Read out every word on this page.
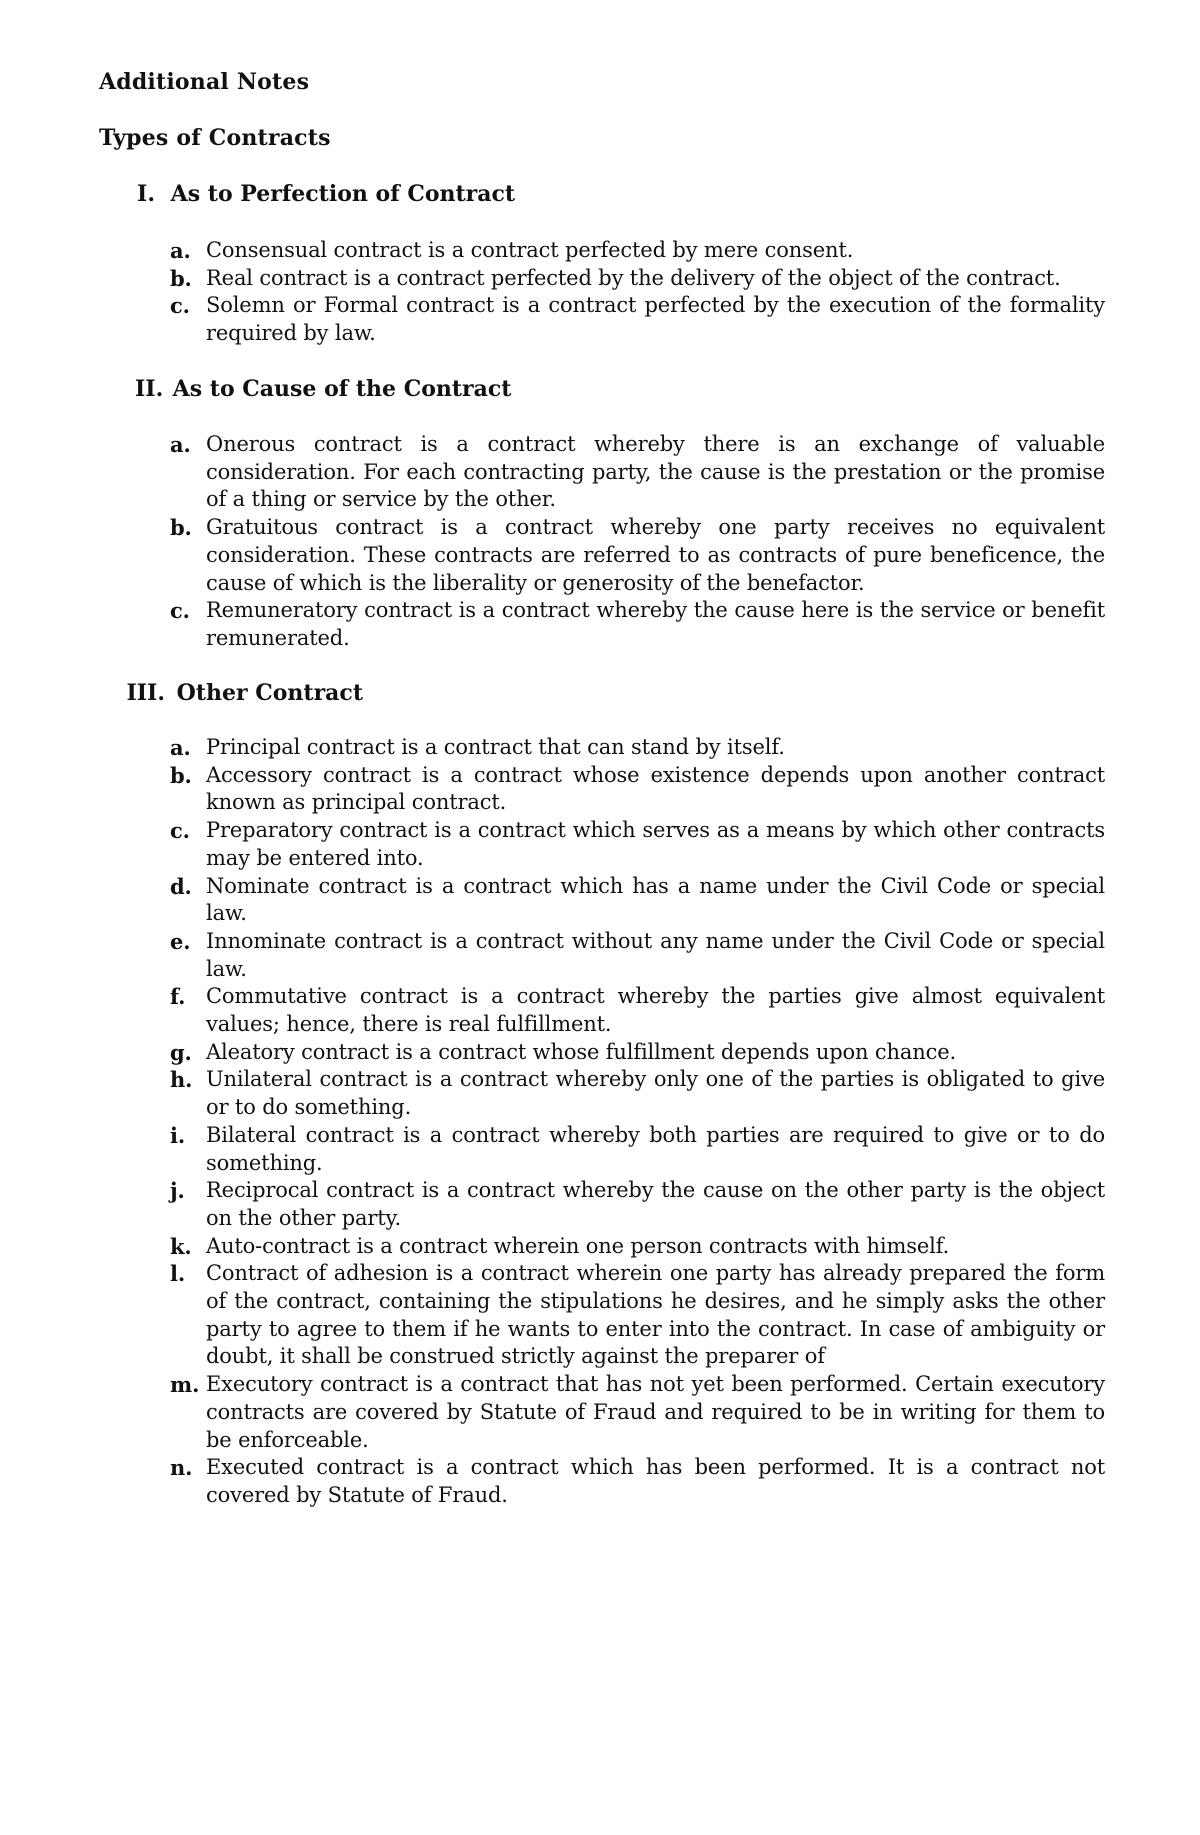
Additional Notes
Types of Contracts
I. As to Perfection of Contract
a. Consensual contract is a contract perfected by mere consent.
b. Real contract is a contract perfected by the delivery of the object of the contract.
c. Solemn or Formal contract is a contract perfected by the execution of the formality required by law.
II. As to Cause of the Contract
a. Onerous contract is a contract whereby there is an exchange of valuable consideration. For each contracting party, the cause is the prestation or the promise of a thing or service by the other.
b. Gratuitous contract is a contract whereby one party receives no equivalent consideration. These contracts are referred to as contracts of pure beneficence, the cause of which is the liberality or generosity of the benefactor.
c. Remuneratory contract is a contract whereby the cause here is the service or benefit remunerated.
III. Other Contract
a. Principal contract is a contract that can stand by itself.
b. Accessory contract is a contract whose existence depends upon another contract known as principal contract.
c. Preparatory contract is a contract which serves as a means by which other contracts may be entered into.
d. Nominate contract is a contract which has a name under the Civil Code or special law.
e. Innominate contract is a contract without any name under the Civil Code or special law.
f. Commutative contract is a contract whereby the parties give almost equivalent values; hence, there is real fulfillment.
g. Aleatory contract is a contract whose fulfillment depends upon chance.
h. Unilateral contract is a contract whereby only one of the parties is obligated to give or to do something.
i. Bilateral contract is a contract whereby both parties are required to give or to do something.
j. Reciprocal contract is a contract whereby the cause on the other party is the object on the other party.
k. Auto-contract is a contract wherein one person contracts with himself.
l. Contract of adhesion is a contract wherein one party has already prepared the form of the contract, containing the stipulations he desires, and he simply asks the other party to agree to them if he wants to enter into the contract. In case of ambiguity or doubt, it shall be construed strictly against the preparer of
m. Executory contract is a contract that has not yet been performed. Certain executory contracts are covered by Statute of Fraud and required to be in writing for them to be enforceable.
n. Executed contract is a contract which has been performed. It is a contract not covered by Statute of Fraud.
